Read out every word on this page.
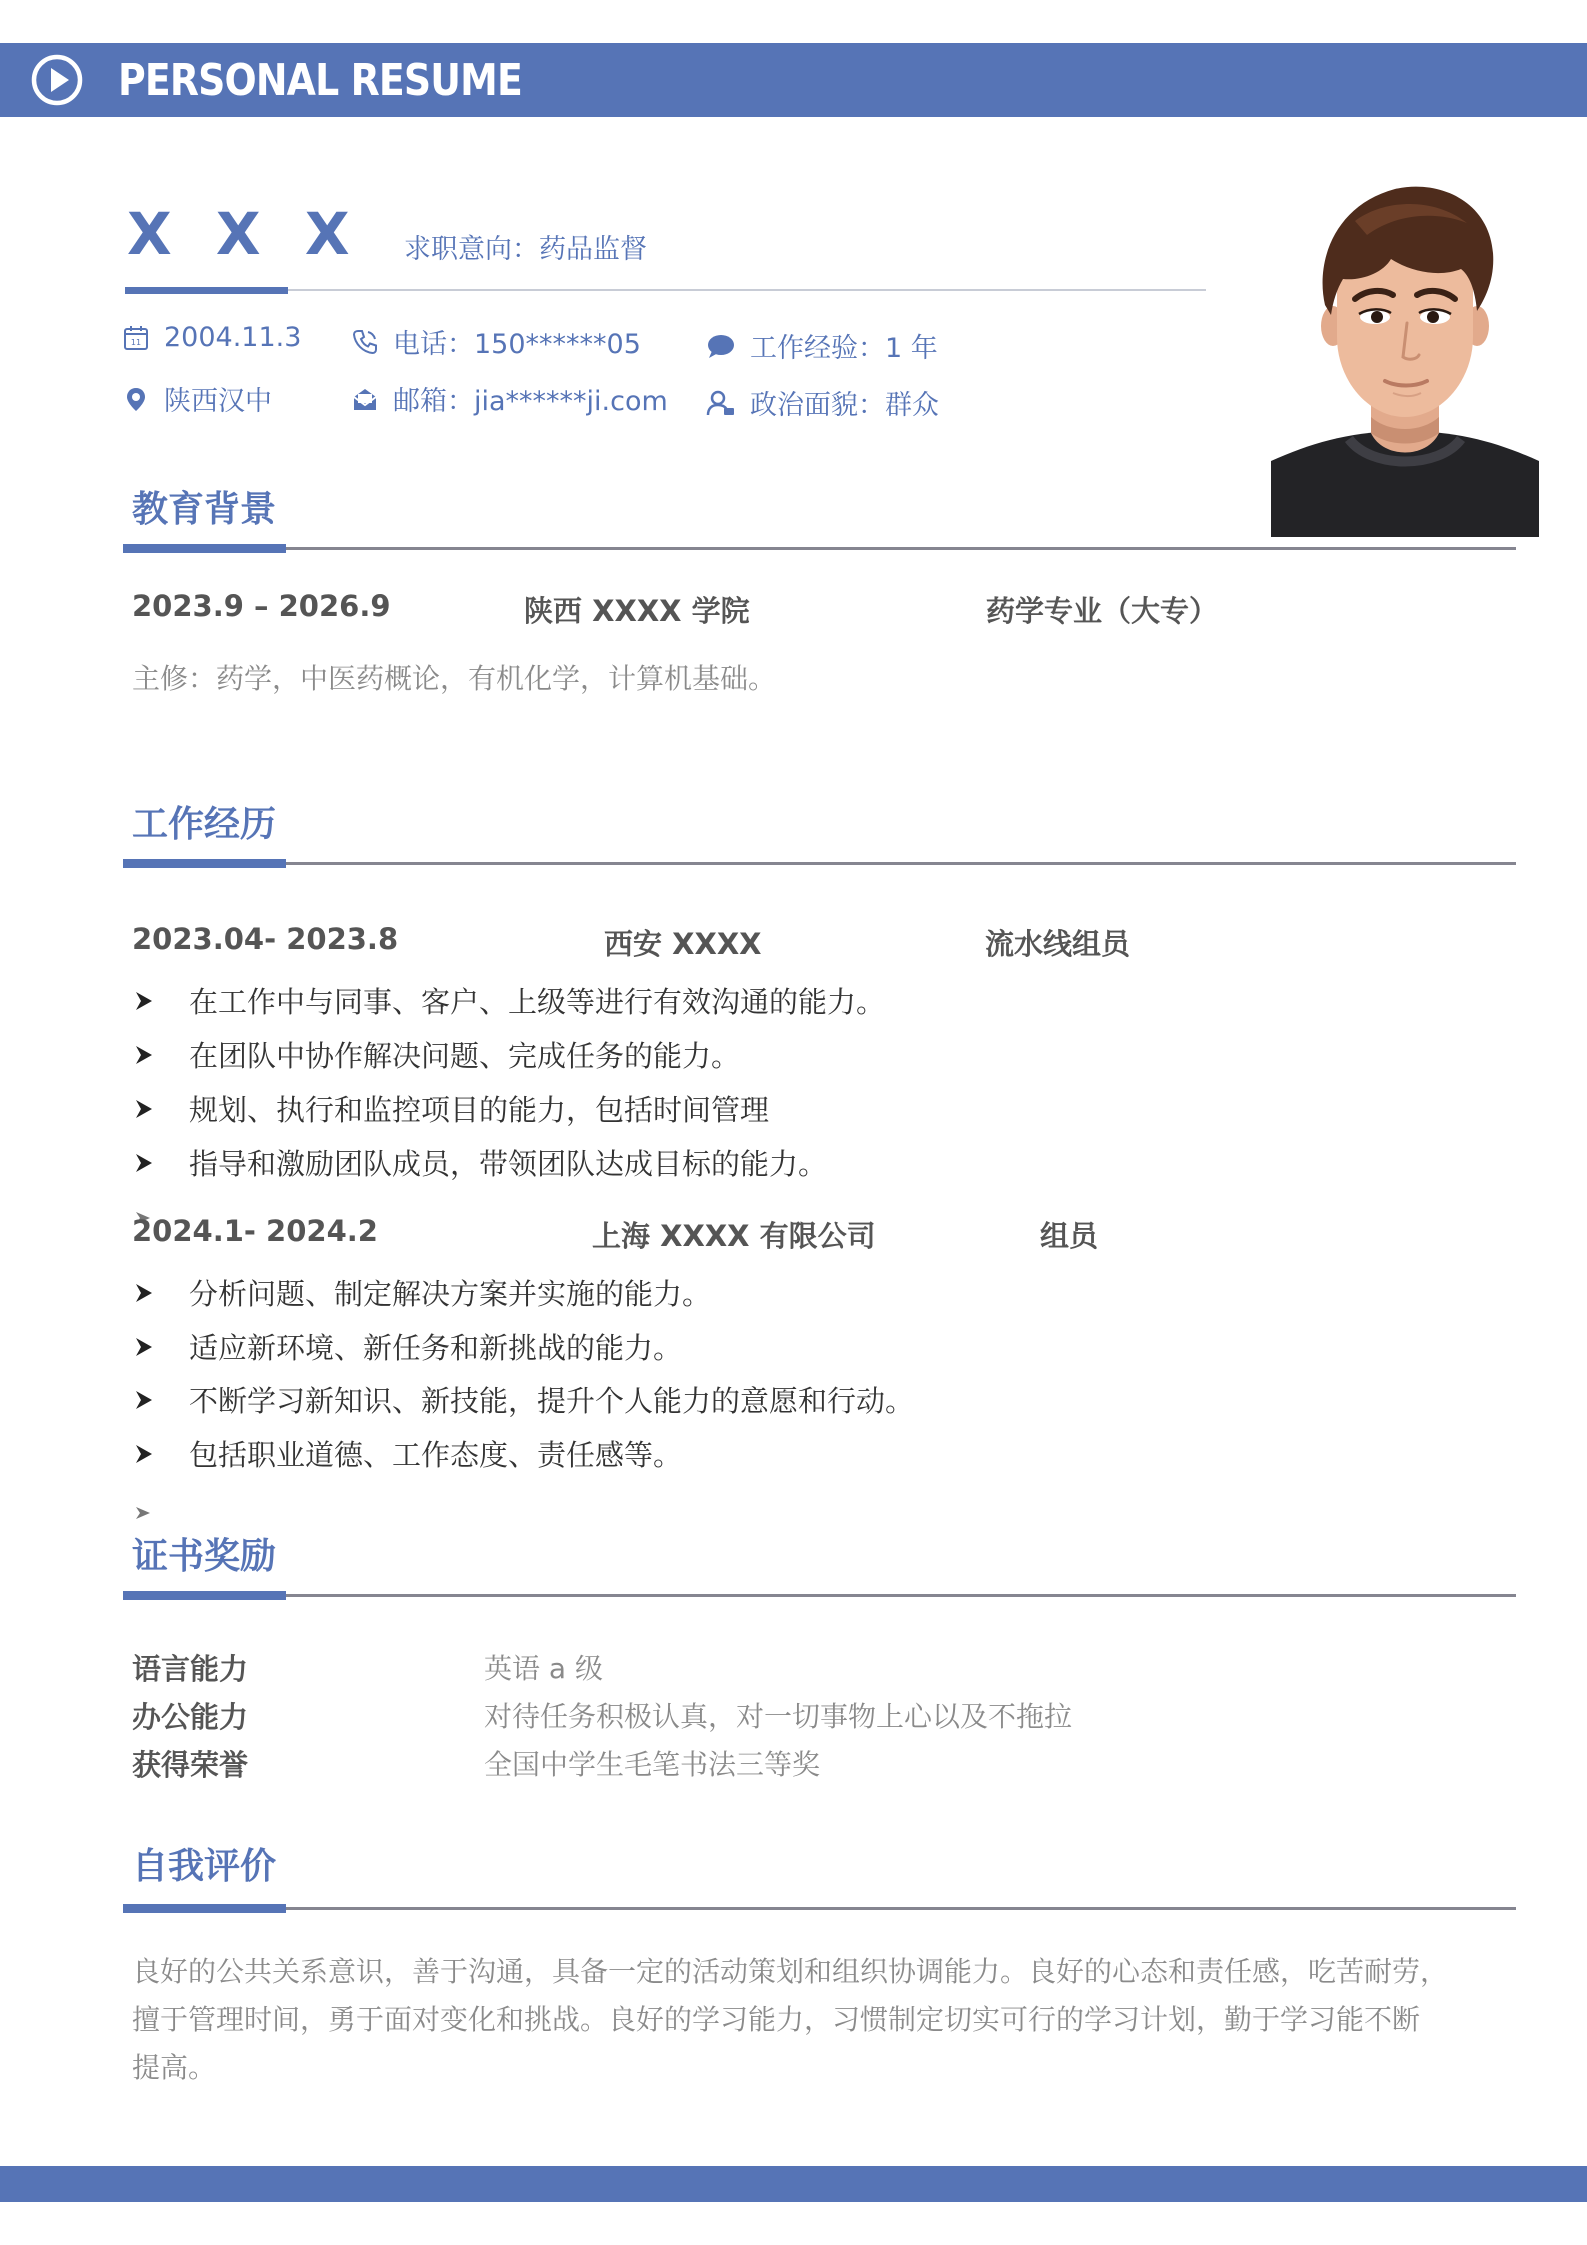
PERSONAL RESUME
X X X 求职意向：药品监督
11 2004.11.3
陕西汉中
电话：150******05
邮箱：jia******ji.com
工作经验：1 年
政治面貌：群众
教育背景
2023.9 – 2026.9	陕西 XXXX 学院	药学专业（大专）
主修：药学，中医药概论，有机化学，计算机基础。
工作经历
2023.04- 2023.8	西安 XXXX	流水线组员
在工作中与同事、客户、上级等进行有效沟通的能力。
在团队中协作解决问题、完成任务的能力。
规划、执行和监控项目的能力，包括时间管理
指导和激励团队成员，带领团队达成目标的能力。
2024.1- 2024.2	上海 XXXX 有限公司	组员
分析问题、制定解决方案并实施的能力。
适应新环境、新任务和新挑战的能力。
不断学习新知识、新技能，提升个人能力的意愿和行动。
包括职业道德、工作态度、责任感等。
证书奖励
语言能力	英语 a 级
办公能力	对待任务积极认真，对一切事物上心以及不拖拉
获得荣誉	全国中学生毛笔书法三等奖
自我评价
良好的公共关系意识，善于沟通，具备一定的活动策划和组织协调能力。良好的心态和责任感，吃苦耐劳，
擅于管理时间，勇于面对变化和挑战。良好的学习能力，习惯制定切实可行的学习计划，勤于学习能不断
提高。
